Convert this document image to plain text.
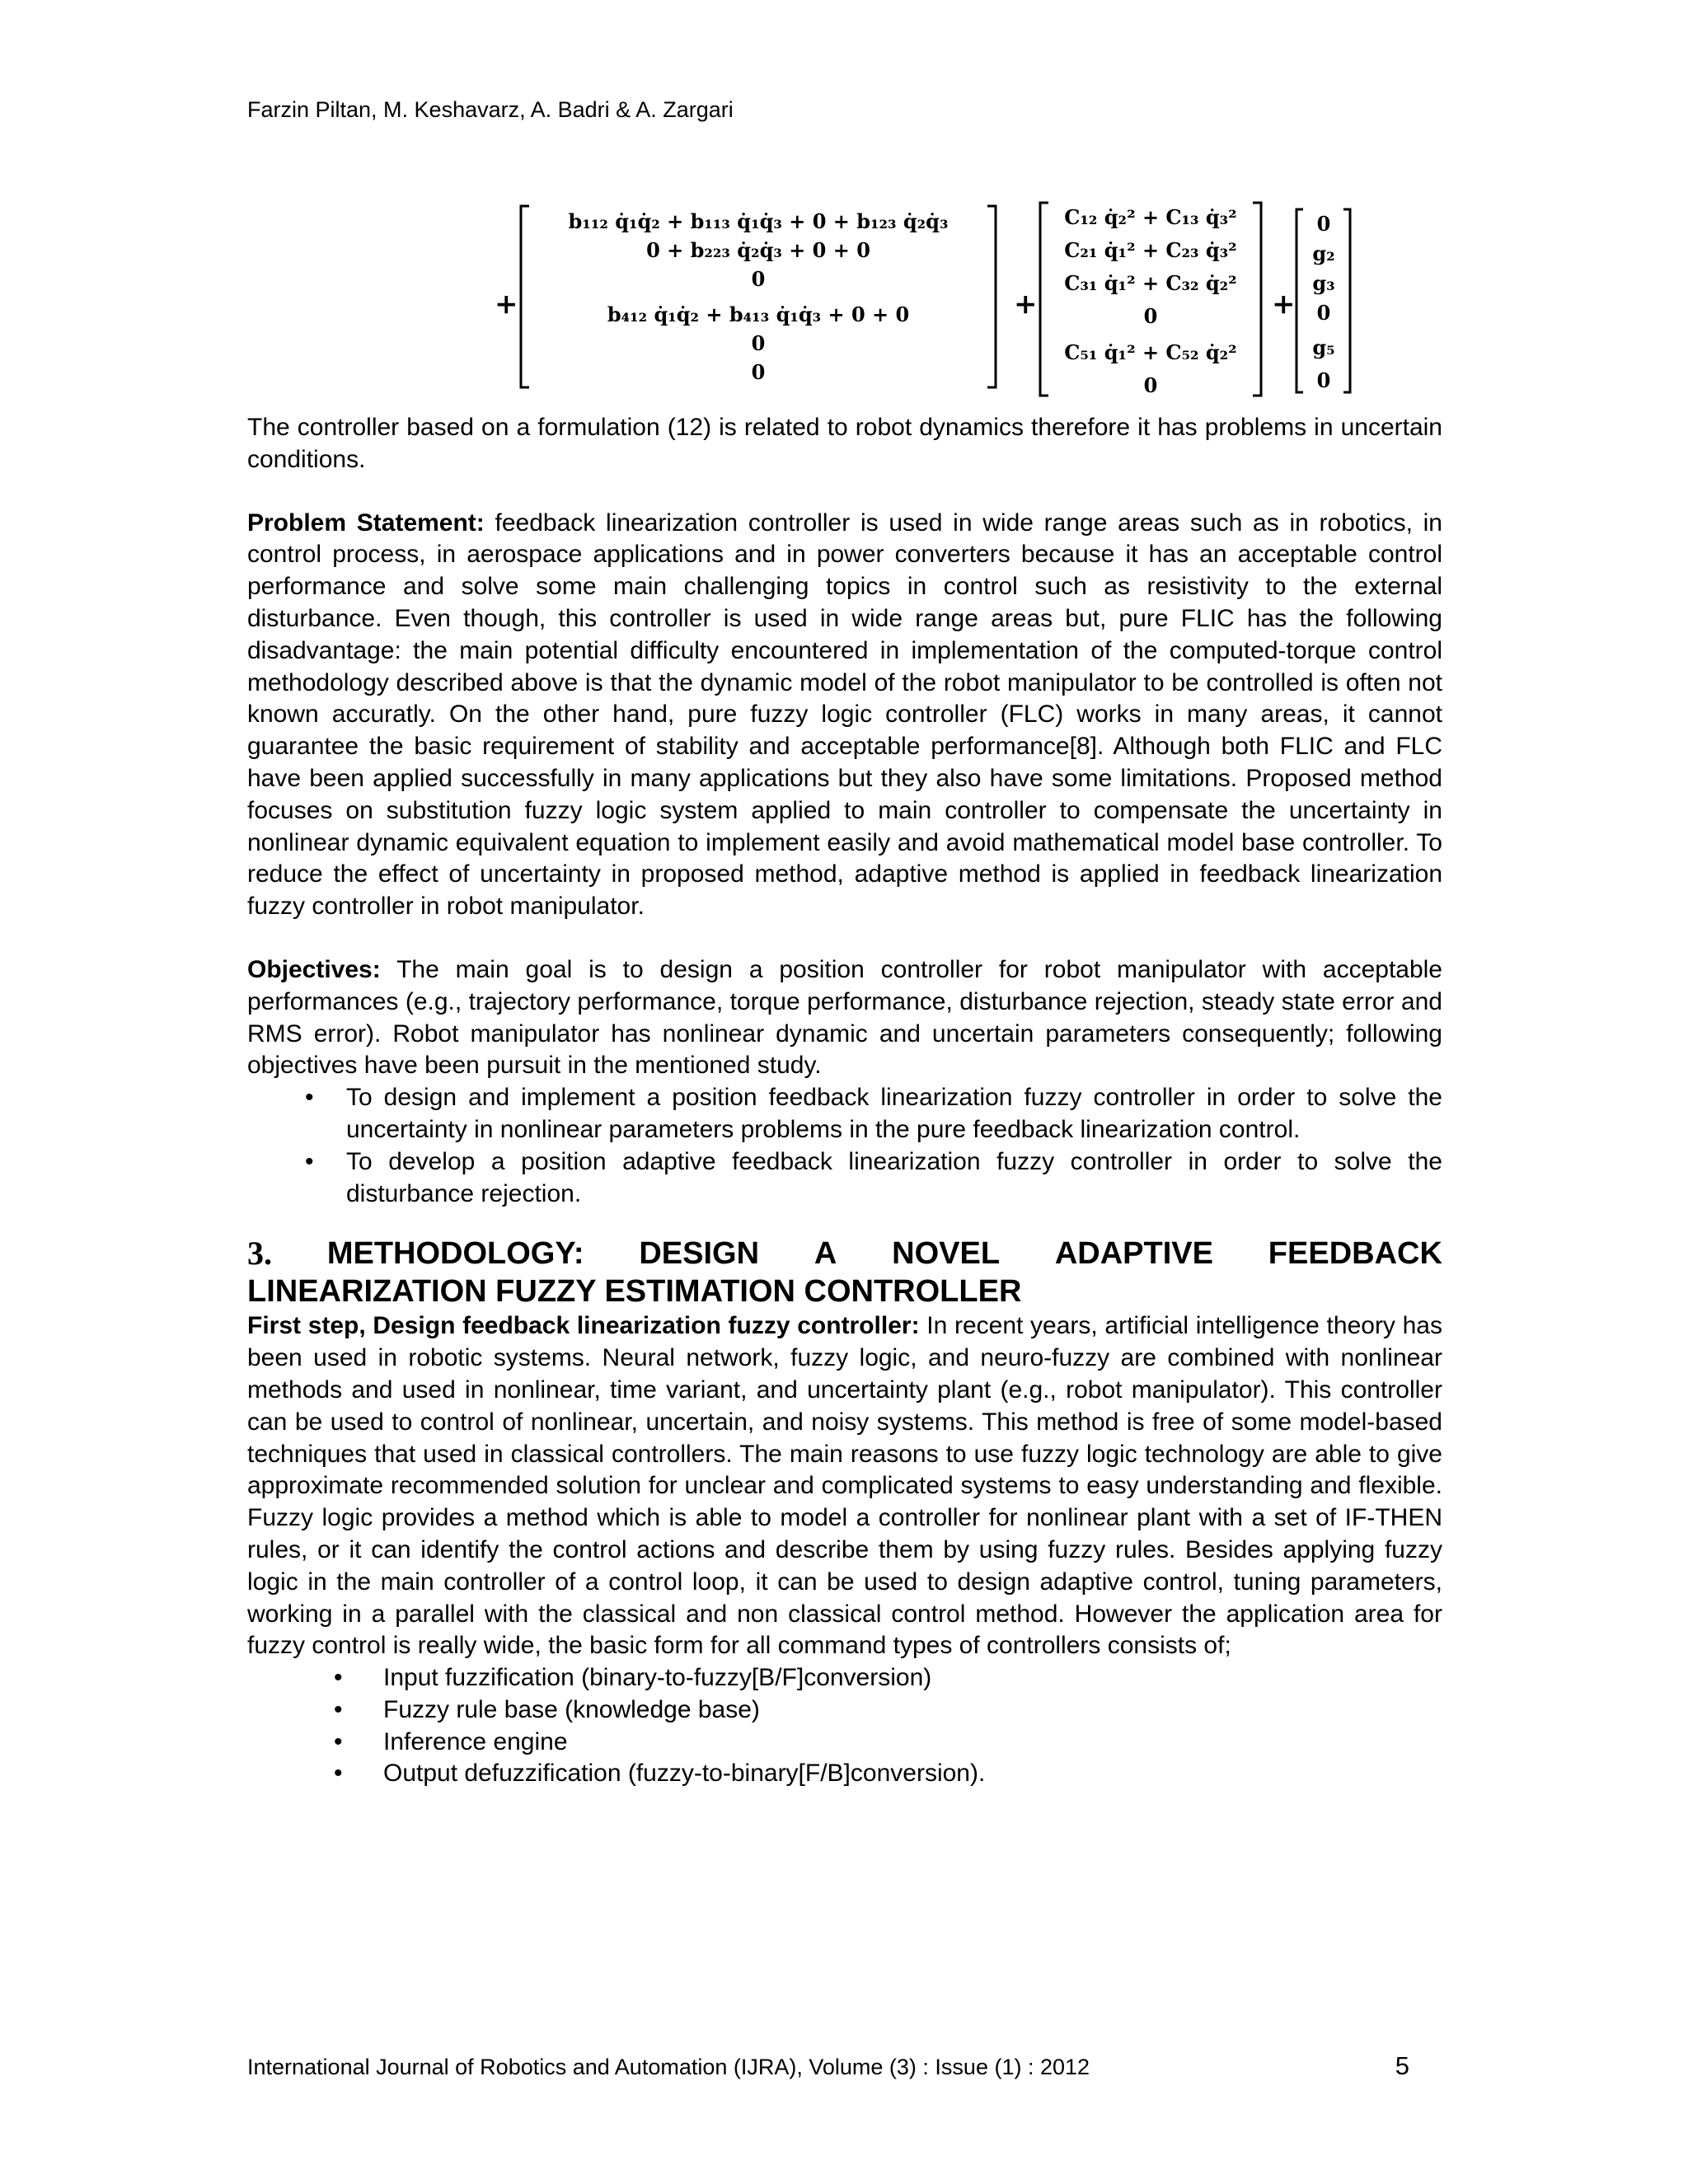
Farzin Piltan, M. Keshavarz, A. Badri & A. Zargari
+	+	+
b₁₁₂ q̇₁q̇₂ + b₁₁₃ q̇₁q̇₃ + 0 + b₁₂₃ q̇₂q̇₃
0 + b₂₂₃ q̇₂q̇₃ + 0 + 0
0
b₄₁₂ q̇₁q̇₂ + b₄₁₃ q̇₁q̇₃ + 0 + 0
0
0
C₁₂ q̇₂² + C₁₃ q̇₃²
C₂₁ q̇₁² + C₂₃ q̇₃²
C₃₁ q̇₁² + C₃₂ q̇₂²
0
C₅₁ q̇₁² + C₅₂ q̇₂²
0
0
g₂
g₃
0
g₅
0

The controller based on a formulation (12) is related to robot dynamics therefore it has problems in uncertain conditions.

Problem Statement: feedback linearization controller is used in wide range areas such as in robotics, in control process, in aerospace applications and in power converters because it has an acceptable control performance and solve some main challenging topics in control such as resistivity to the external disturbance. Even though, this controller is used in wide range areas but, pure FLIC has the following disadvantage: the main potential difficulty encountered in implementation of the computed-torque control methodology described above is that the dynamic model of the robot manipulator to be controlled is often not known accuratly. On the other hand, pure fuzzy logic controller (FLC) works in many areas, it cannot guarantee the basic requirement of stability and acceptable performance[8]. Although both FLIC and FLC have been applied successfully in many applications but they also have some limitations. Proposed method focuses on substitution fuzzy logic system applied to main controller to compensate the uncertainty in nonlinear dynamic equivalent equation to implement easily and avoid mathematical model base controller. To reduce the effect of uncertainty in proposed method, adaptive method is applied in feedback linearization fuzzy controller in robot manipulator.

Objectives: The main goal is to design a position controller for robot manipulator with acceptable performances (e.g., trajectory performance, torque performance, disturbance rejection, steady state error and RMS error). Robot manipulator has nonlinear dynamic and uncertain parameters consequently; following objectives have been pursuit in the mentioned study.

• To design and implement a position feedback linearization fuzzy controller in order to solve the uncertainty in nonlinear parameters problems in the pure feedback linearization control.
• To develop a position adaptive feedback linearization fuzzy controller in order to solve the disturbance rejection.
3. METHODOLOGY: DESIGN A NOVEL ADAPTIVE FEEDBACK
LINEARIZATION FUZZY ESTIMATION CONTROLLER

First step, Design feedback linearization fuzzy controller: In recent years, artificial intelligence theory has been used in robotic systems. Neural network, fuzzy logic, and neuro-fuzzy are combined with nonlinear methods and used in nonlinear, time variant, and uncertainty plant (e.g., robot manipulator). This controller can be used to control of nonlinear, uncertain, and noisy systems. This method is free of some model-based techniques that used in classical controllers. The main reasons to use fuzzy logic technology are able to give approximate recommended solution for unclear and complicated systems to easy understanding and flexible. Fuzzy logic provides a method which is able to model a controller for nonlinear plant with a set of IF-THEN rules, or it can identify the control actions and describe them by using fuzzy rules. Besides applying fuzzy logic in the main controller of a control loop, it can be used to design adaptive control, tuning parameters, working in a parallel with the classical and non classical control method. However the application area for fuzzy control is really wide, the basic form for all command types of controllers consists of;

• Input fuzzification (binary-to-fuzzy[B/F]conversion)
• Fuzzy rule base (knowledge base)
• Inference engine
• Output defuzzification (fuzzy-to-binary[F/B]conversion).
International Journal of Robotics and Automation (IJRA), Volume (3) : Issue (1) : 2012	5
